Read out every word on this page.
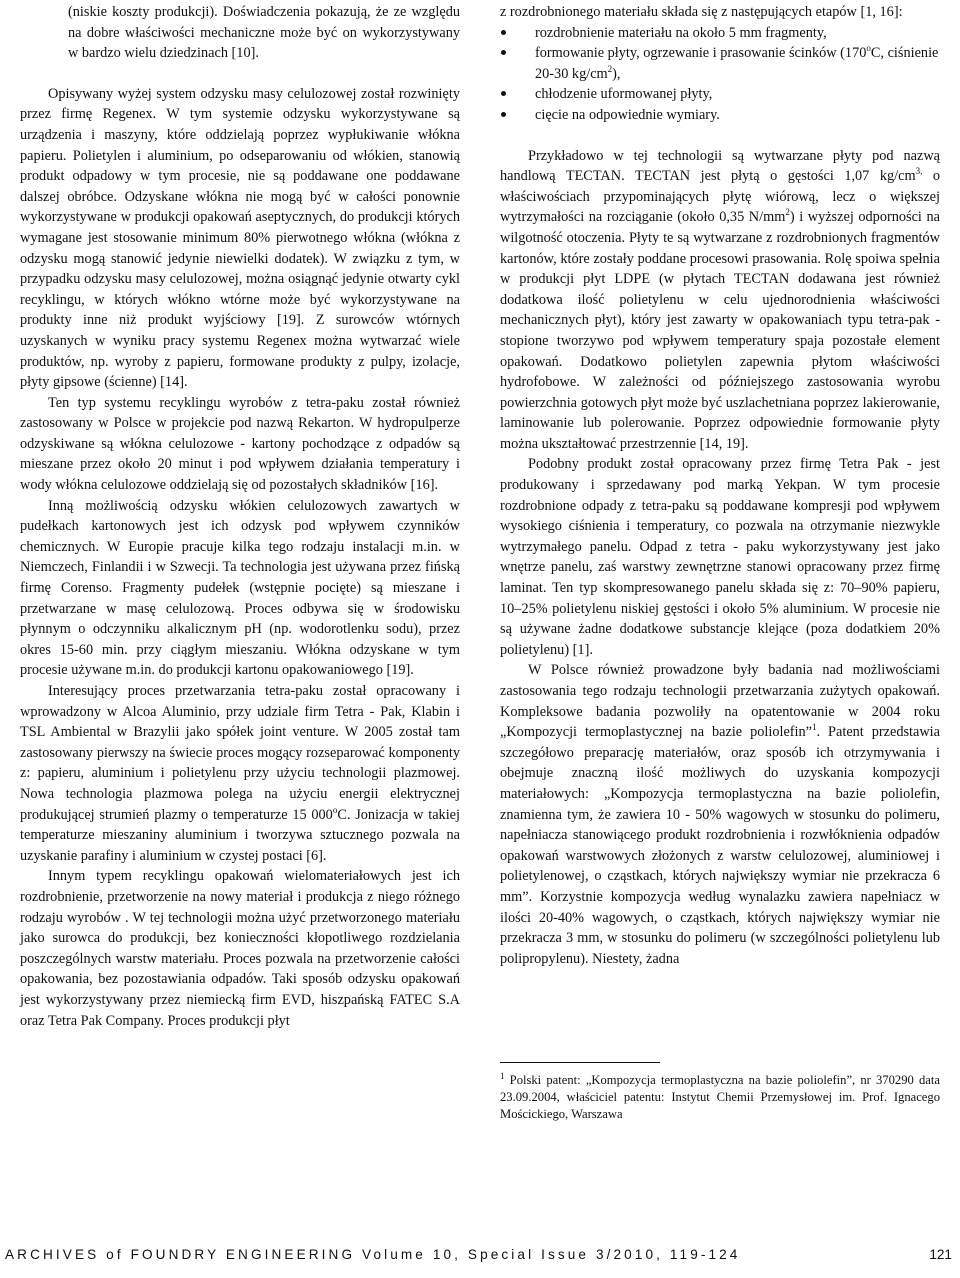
(niskie koszty produkcji). Doświadczenia pokazują, że ze względu na dobre właściwości mechaniczne może być on wykorzystywany w bardzo wielu dziedzinach [10].

Opisywany wyżej system odzysku masy celulozowej został rozwinięty przez firmę Regenex. W tym systemie odzysku wykorzystywane są urządzenia i maszyny, które oddzielają poprzez wypłukiwanie włókna papieru. Polietylen i aluminium, po odseparowaniu od włókien, stanowią produkt odpadowy w tym procesie, nie są poddawane one poddawane dalszej obróbce. Odzyskane włókna nie mogą być w całości ponownie wykorzystywane w produkcji opakowań aseptycznych, do produkcji których wymagane jest stosowanie minimum 80% pierwotnego włókna (włókna z odzysku mogą stanowić jedynie niewielki dodatek). W związku z tym, w przypadku odzysku masy celulozowej, można osiągnąć jedynie otwarty cykl recyklingu, w których włókno wtórne może być wykorzystywane na produkty inne niż produkt wyjściowy [19]. Z surowców wtórnych uzyskanych w wyniku pracy systemu Regenex można wytwarzać wiele produktów, np. wyroby z papieru, formowane produkty z pulpy, izolacje, płyty gipsowe (ścienne) [14].

Ten typ systemu recyklingu wyrobów z tetra-paku został również zastosowany w Polsce w projekcie pod nazwą Rekarton. W hydropulperze odzyskiwane są włókna celulozowe - kartony pochodzące z odpadów są mieszane przez około 20 minut i pod wpływem działania temperatury i wody włókna celulozowe oddzielają się od pozostałych składników [16].

Inną możliwością odzysku włókien celulozowych zawartych w pudełkach kartonowych jest ich odzysk pod wpływem czynników chemicznych. W Europie pracuje kilka tego rodzaju instalacji m.in. w Niemczech, Finlandii i w Szwecji. Ta technologia jest używana przez fińską firmę Corenso. Fragmenty pudełek (wstępnie pocięte) są mieszane i przetwarzane w masę celulozową. Proces odbywa się w środowisku płynnym o odczynniku alkalicznym pH (np. wodorotlenku sodu), przez okres 15-60 min. przy ciągłym mieszaniu. Włókna odzyskane w tym procesie używane m.in. do produkcji kartonu opakowaniowego [19].

Interesujący proces przetwarzania tetra-paku został opracowany i wprowadzony w Alcoa Aluminio, przy udziale firm Tetra - Pak, Klabin i TSL Ambiental w Brazylii jako spółek joint venture. W 2005 został tam zastosowany pierwszy na świecie proces mogący rozseparować komponenty z: papieru, aluminium i polietylenu przy użyciu technologii plazmowej. Nowa technologia plazmowa polega na użyciu energii elektrycznej produkującej strumień plazmy o temperaturze 15 000$^o$C. Jonizacja w takiej temperaturze mieszaniny aluminium i tworzywa sztucznego pozwala na uzyskanie parafiny i aluminium w czystej postaci [6].

Innym typem recyklingu opakowań wielomateriałowych jest ich rozdrobnienie, przetworzenie na nowy materiał i produkcja z niego różnego rodzaju wyrobów . W tej technologii można użyć przetworzonego materiału jako surowca do produkcji, bez konieczności kłopotliwego rozdzielania poszczególnych warstw materiału. Proces pozwala na przetworzenie całości opakowania, bez pozostawiania odpadów. Taki sposób odzysku opakowań jest wykorzystywany przez niemiecką firm EVD, hiszpańską FATEC S.A oraz Tetra Pak Company. Proces produkcji płyt

z rozdrobnionego materiału składa się z następujących etapów [1, 16]:

rozdrobnienie materiału na około 5 mm fragmenty,
formowanie płyty, ogrzewanie i prasowanie ścinków (170$^o$C, ciśnienie 20-30 $kg/cm^2$),
chłodzenie uformowanej płyty,
cięcie na odpowiednie wymiary.

Przykładowo w tej technologii są wytwarzane płyty pod nazwą handlową TECTAN. TECTAN jest płytą o gęstości 1,07 $kg/cm^{3,}$ o właściwościach przypominających płytę wiórową, lecz o większej wytrzymałości na rozciąganie (około 0,35 $N/mm^2$) i wyższej odporności na wilgotność otoczenia. Płyty te są wytwarzane z rozdrobnionych fragmentów kartonów, które zostały poddane procesowi prasowania. Rolę spoiwa spełnia w produkcji płyt LDPE (w płytach TECTAN dodawana jest również dodatkowa ilość polietylenu w celu ujednorodnienia właściwości mechanicznych płyt), który jest zawarty w opakowaniach typu tetra-pak - stopione tworzywo pod wpływem temperatury spaja pozostałe element opakowań. Dodatkowo polietylen zapewnia płytom właściwości hydrofobowe. W zależności od późniejszego zastosowania wyrobu powierzchnia gotowych płyt może być uszlachetniana poprzez lakierowanie, laminowanie lub polerowanie. Poprzez odpowiednie formowanie płyty można ukształtować przestrzennie [14, 19].

Podobny produkt został opracowany przez firmę Tetra Pak - jest produkowany i sprzedawany pod marką Yekpan. W tym procesie rozdrobnione odpady z tetra-paku są poddawane kompresji pod wpływem wysokiego ciśnienia i temperatury, co pozwala na otrzymanie niezwykle wytrzymałego panelu. Odpad z tetra - paku wykorzystywany jest jako wnętrze panelu, zaś warstwy zewnętrzne stanowi opracowany przez firmę laminat. Ten typ skompresowanego panelu składa się z: 70–90% papieru, 10–25% polietylenu niskiej gęstości i około 5% aluminium. W procesie nie są używane żadne dodatkowe substancje klejące (poza dodatkiem 20% polietylenu) [1].

W Polsce również prowadzone były badania nad możliwościami zastosowania tego rodzaju technologii przetwarzania zużytych opakowań. Kompleksowe badania pozwoliły na opatentowanie w 2004 roku „Kompozycji termoplastycznej na bazie poliolefin”$^1$. Patent przedstawia szczegółowo preparację materiałów, oraz sposób ich otrzymywania i obejmuje znaczną ilość możliwych do uzyskania kompozycji materiałowych: „Kompozycja termoplastyczna na bazie poliolefin, znamienna tym, że zawiera 10 - 50% wagowych w stosunku do polimeru, napełniacza stanowiącego produkt rozdrobnienia i rozwłóknienia odpadów opakowań warstwowych złożonych z warstw celulozowej, aluminiowej i polietylenowej, o cząstkach, których największy wymiar nie przekracza 6 mm”. Korzystnie kompozycja według wynalazku zawiera napełniacz w ilości 20-40% wagowych, o cząstkach, których największy wymiar nie przekracza 3 mm, w stosunku do polimeru (w szczególności polietylenu lub polipropylenu). Niestety, żadna

$^1$ Polski patent: „Kompozycja termoplastyczna na bazie poliolefin”, nr 370290 data 23.09.2004, właściciel patentu: Instytut Chemii Przemysłowej im. Prof. Ignacego Mościckiego, Warszawa
ARCHIVES of FOUNDRY ENGINEERING Volume 10, Special Issue 3/2010, 119-124	121
